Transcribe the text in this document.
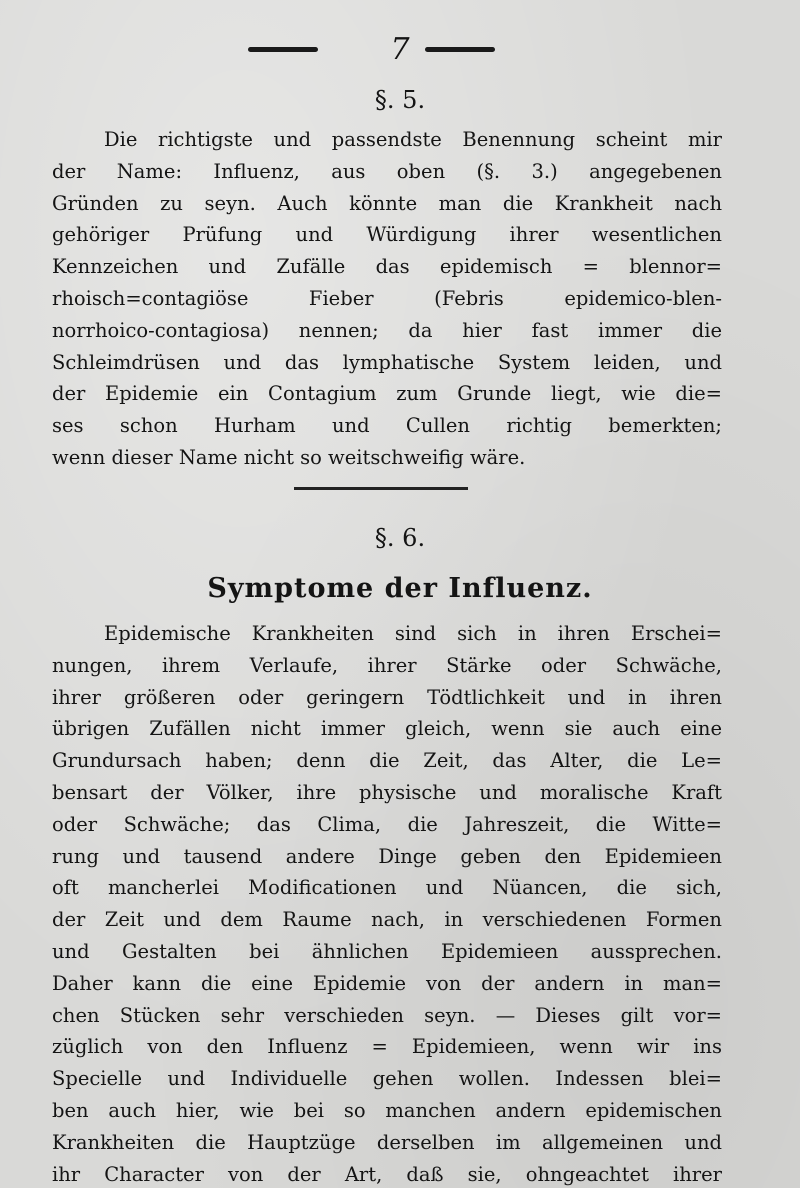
7
§. 5.
Die richtigste und passendste Benennung scheint mir
der Name: Influenz, aus oben (§. 3.) angegebenen
Gründen zu seyn. Auch könnte man die Krankheit nach
gehöriger Prüfung und Würdigung ihrer wesentlichen
Kennzeichen und Zufälle das epidemisch = blennor=
rhoisch=contagiöse Fieber (Febris epidemico-blen-
norrhoico-contagiosa) nennen; da hier fast immer die
Schleimdrüsen und das lymphatische System leiden, und
der Epidemie ein Contagium zum Grunde liegt, wie die=
ses schon Hurham und Cullen richtig bemerkten;
wenn dieser Name nicht so weitschweifig wäre.
§. 6.
Symptome der Influenz.
Epidemische Krankheiten sind sich in ihren Erschei=
nungen, ihrem Verlaufe, ihrer Stärke oder Schwäche,
ihrer größeren oder geringern Tödtlichkeit und in ihren
übrigen Zufällen nicht immer gleich, wenn sie auch eine
Grundursach haben; denn die Zeit, das Alter, die Le=
bensart der Völker, ihre physische und moralische Kraft
oder Schwäche; das Clima, die Jahreszeit, die Witte=
rung und tausend andere Dinge geben den Epidemieen
oft mancherlei Modificationen und Nüancen, die sich,
der Zeit und dem Raume nach, in verschiedenen Formen
und Gestalten bei ähnlichen Epidemieen aussprechen.
Daher kann die eine Epidemie von der andern in man=
chen Stücken sehr verschieden seyn. — Dieses gilt vor=
züglich von den Influenz = Epidemieen, wenn wir ins
Specielle und Individuelle gehen wollen. Indessen blei=
ben auch hier, wie bei so manchen andern epidemischen
Krankheiten die Hauptzüge derselben im allgemeinen und
ihr Character von der Art, daß sie, ohngeachtet ihrer
